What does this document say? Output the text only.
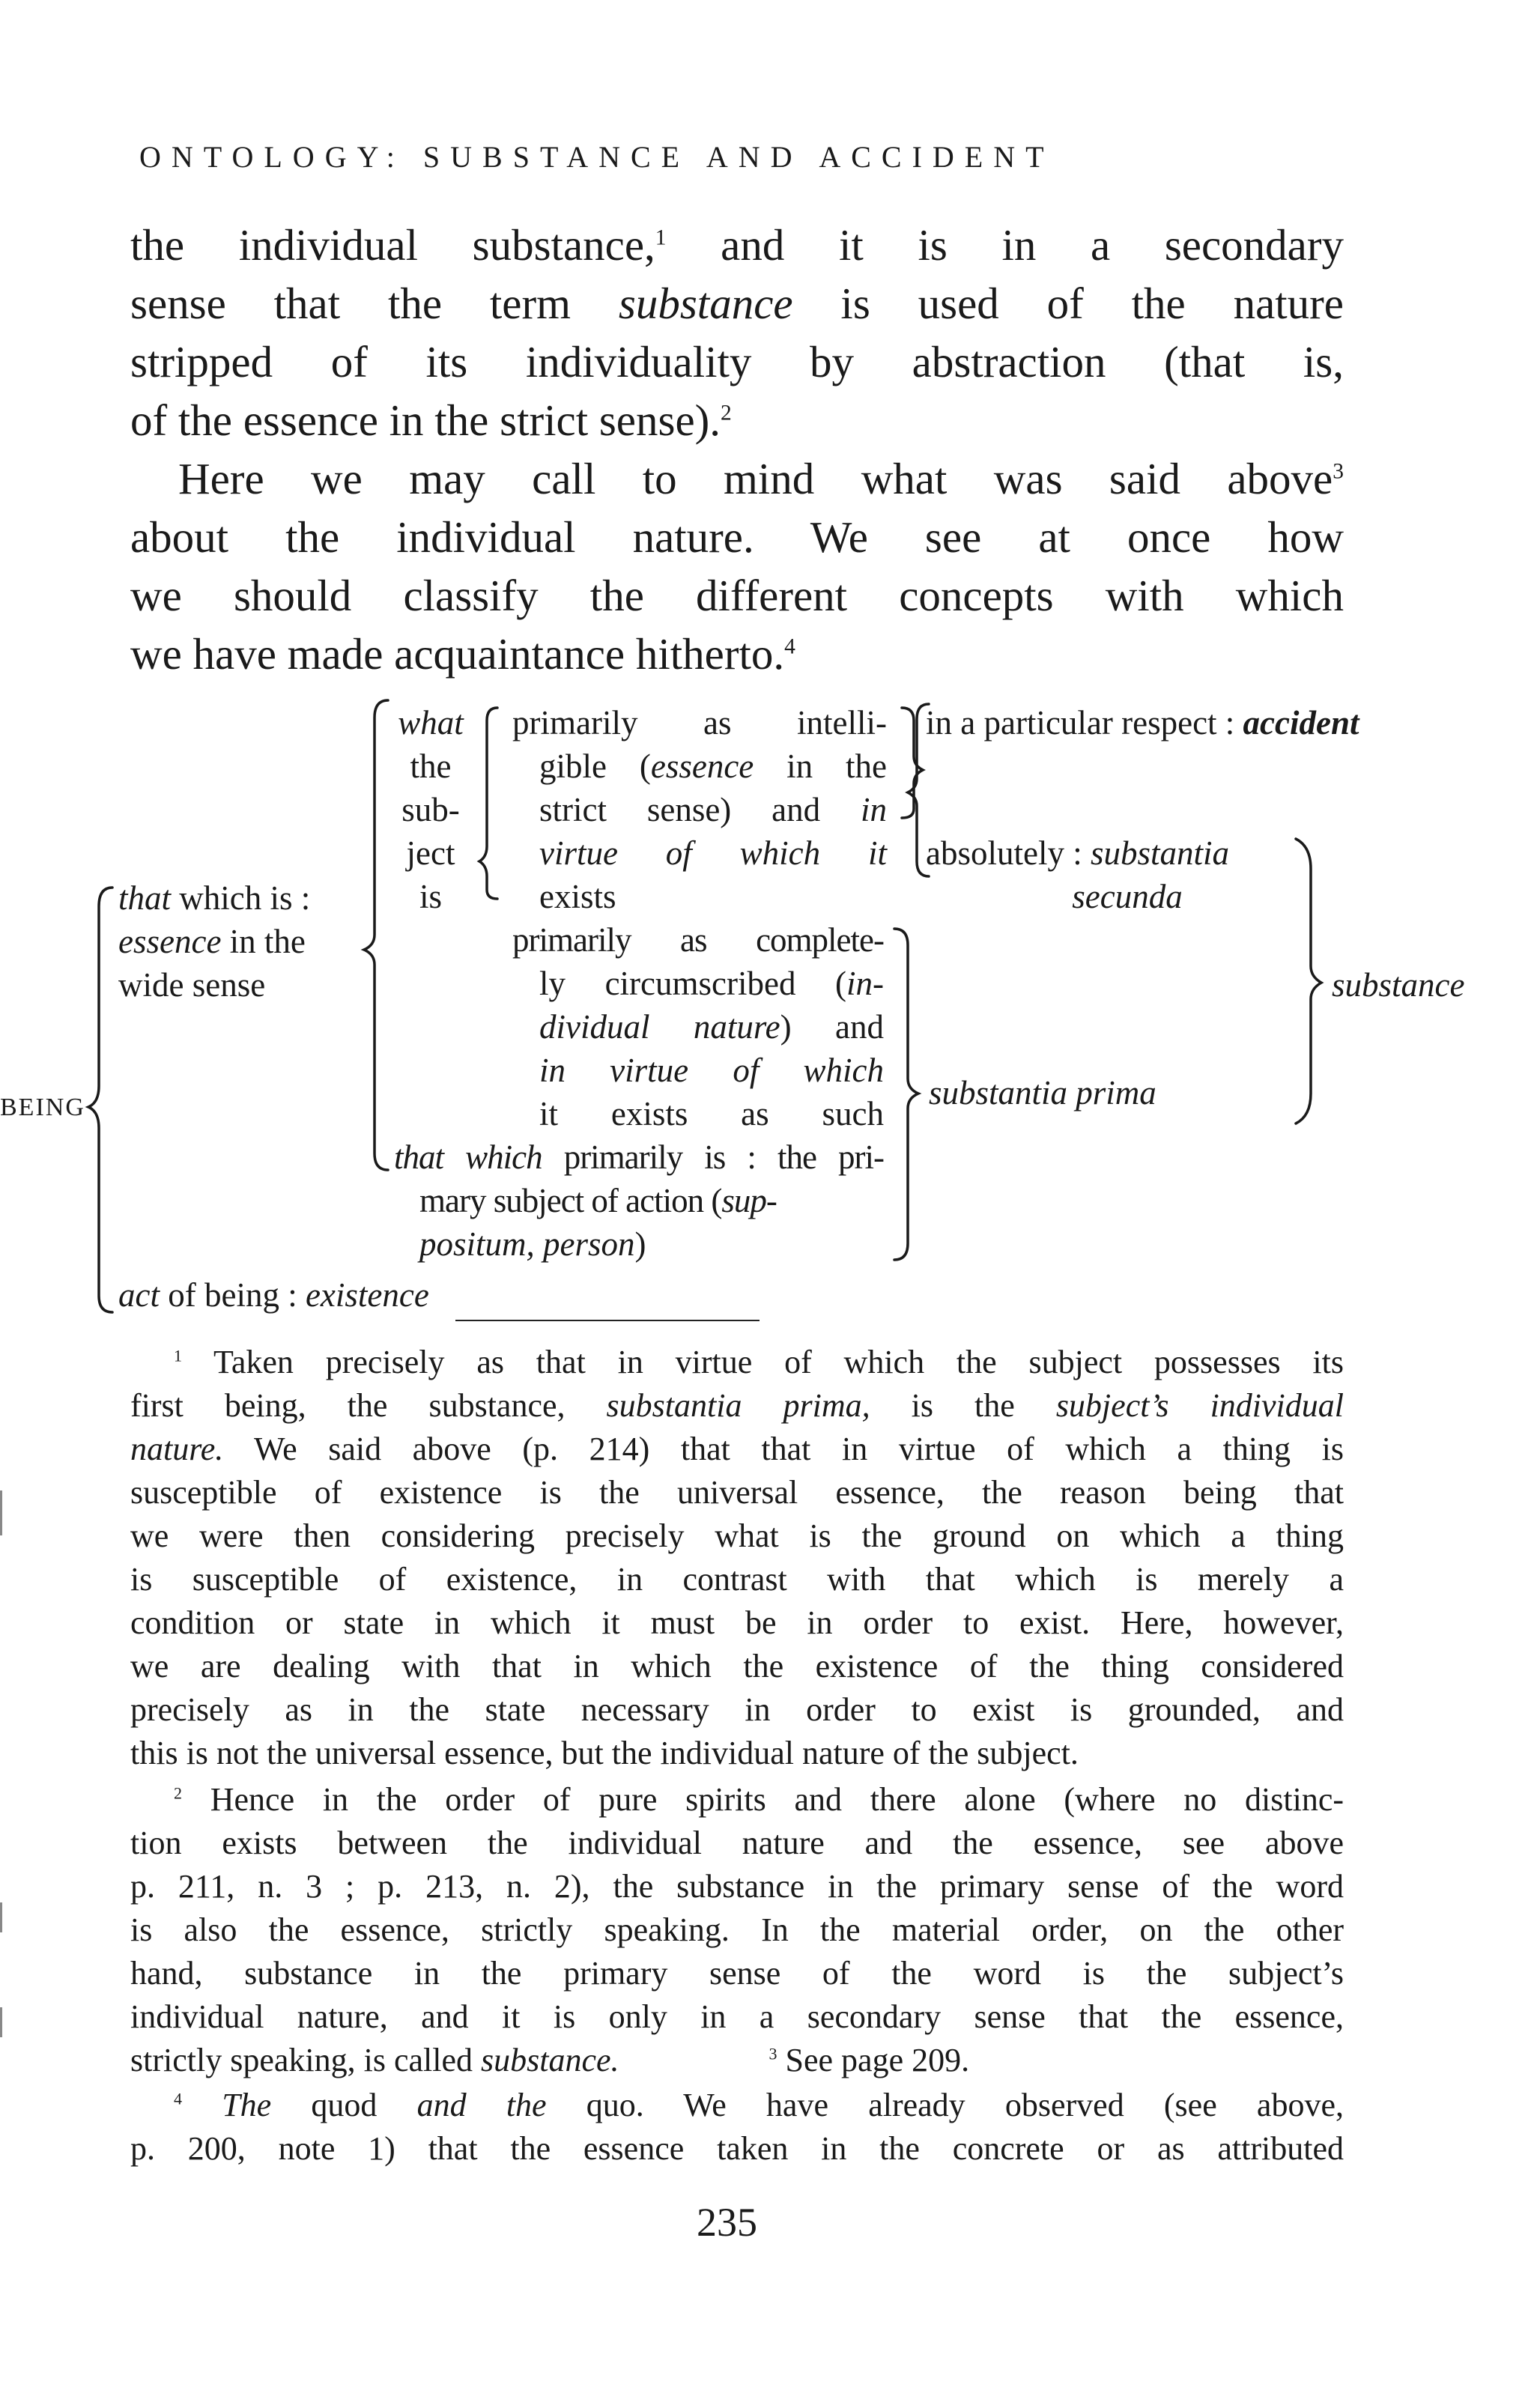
ONTOLOGY: SUBSTANCE AND ACCIDENT
the individual substance,$^1$ and it is in a secondary
sense that the term substance is used of the nature
stripped of its individuality by abstraction (that is,
of the essence in the strict sense).$^2$
Here we may call to mind what was said above$^3$
about the individual nature. We see at once how
we should classify the different concepts with which
we have made acquaintance hitherto.$^4$
BEING
that which is :
essence in the
wide sense
what
the
sub-
ject
is
primarily as intelli-
gible (essence in the
strict sense) and in
virtue of which it
exists
primarily as complete-
ly circumscribed (in-
dividual nature) and
in virtue of which
it exists as such
that which primarily is : the pri-
mary subject of action (sup-
positum, person)
act of being : existence
in a particular respect : accident
absolutely : substantia
secunda
substantia prima
substance
$^1$ Taken precisely as that in virtue of which the subject possesses its
first being, the substance, substantia prima, is the subject’s individual
nature. We said above (p. 214) that that in virtue of which a thing is
susceptible of existence is the universal essence, the reason being that
we were then considering precisely what is the ground on which a thing
is susceptible of existence, in contrast with that which is merely a
condition or state in which it must be in order to exist. Here, however,
we are dealing with that in which the existence of the thing considered
precisely as in the state necessary in order to exist is grounded, and
this is not the universal essence, but the individual nature of the subject.
$^2$ Hence in the order of pure spirits and there alone (where no distinc-
tion exists between the individual nature and the essence, see above
p. 211, n. 3 ; p. 213, n. 2), the substance in the primary sense of the word
is also the essence, strictly speaking. In the material order, on the other
hand, substance in the primary sense of the word is the subject’s
individual nature, and it is only in a secondary sense that the essence,
strictly speaking, is called substance.	$^3$ See page 209.
$^4$ The quod and the quo. We have already observed (see above,
p. 200, note 1) that the essence taken in the concrete or as attributed
235
